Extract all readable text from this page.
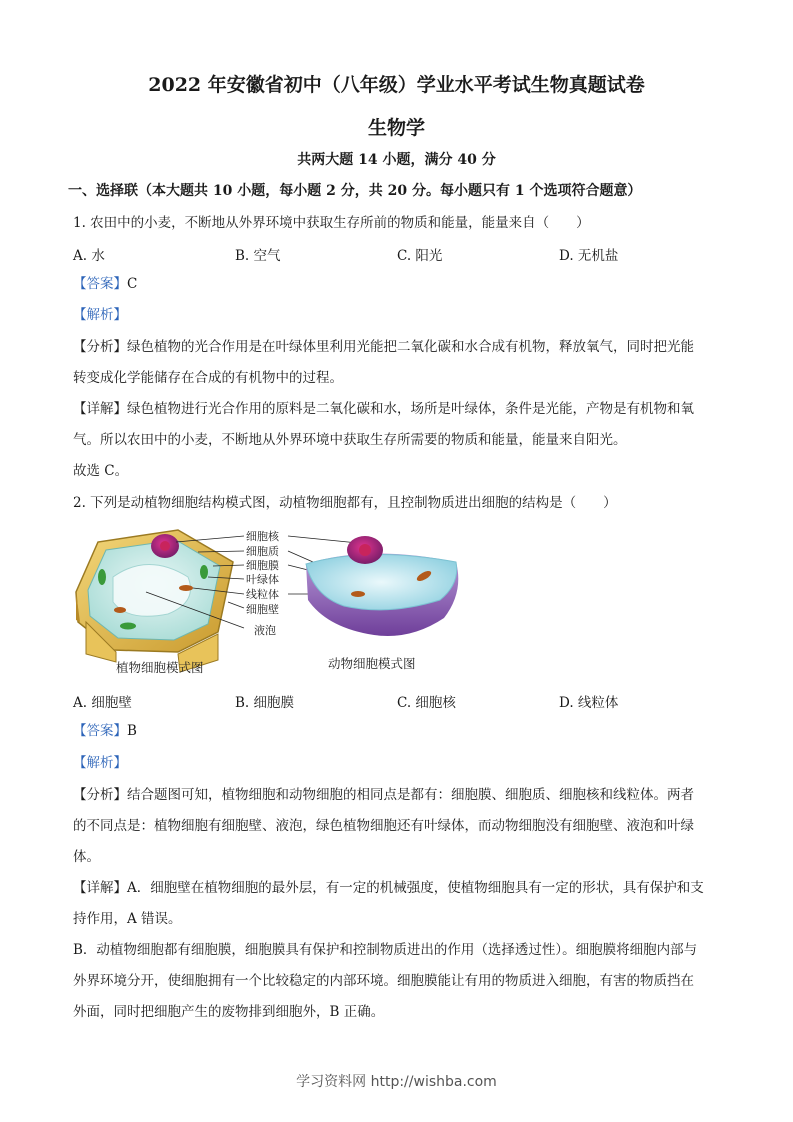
2022 年安徽省初中（八年级）学业水平考试生物真题试卷
生物学
共两大题 14 小题，满分 40 分
一、选择联（本大题共 10 小题，每小题 2 分，共 20 分。每小题只有 1 个选项符合题意）
1. 农田中的小麦，不断地从外界环境中获取生存所前的物质和能量，能量来自（　　）
A. 水	B. 空气	C. 阳光	D. 无机盐
【答案】C
【解析】
【分析】绿色植物的光合作用是在叶绿体里利用光能把二氧化碳和水合成有机物，释放氧气，同时把光能
转变成化学能储存在合成的有机物中的过程。
【详解】绿色植物进行光合作用的原料是二氧化碳和水，场所是叶绿体，条件是光能，产物是有机物和氧
气。所以农田中的小麦，不断地从外界环境中获取生存所需要的物质和能量，能量来自阳光。
故选 C。
2. 下列是动植物细胞结构模式图，动植物细胞都有，且控制物质进出细胞的结构是（　　）
细胞核
细胞质
细胞膜
叶绿体
线粒体
细胞壁
液泡
植物细胞模式图	动物细胞模式图
A. 细胞壁	B. 细胞膜	C. 细胞核	D. 线粒体
【答案】B
【解析】
【分析】结合题图可知，植物细胞和动物细胞的相同点是都有：细胞膜、细胞质、细胞核和线粒体。两者
的不同点是：植物细胞有细胞壁、液泡，绿色植物细胞还有叶绿体，而动物细胞没有细胞壁、液泡和叶绿
体。
【详解】A．细胞壁在植物细胞的最外层，有一定的机械强度，使植物细胞具有一定的形状，具有保护和支
持作用，A 错误。
B．动植物细胞都有细胞膜，细胞膜具有保护和控制物质进出的作用（选择透过性）。细胞膜将细胞内部与
外界环境分开，使细胞拥有一个比较稳定的内部环境。细胞膜能让有用的物质进入细胞，有害的物质挡在
外面，同时把细胞产生的废物排到细胞外，B 正确。
学习资料网 http://wishba.com
